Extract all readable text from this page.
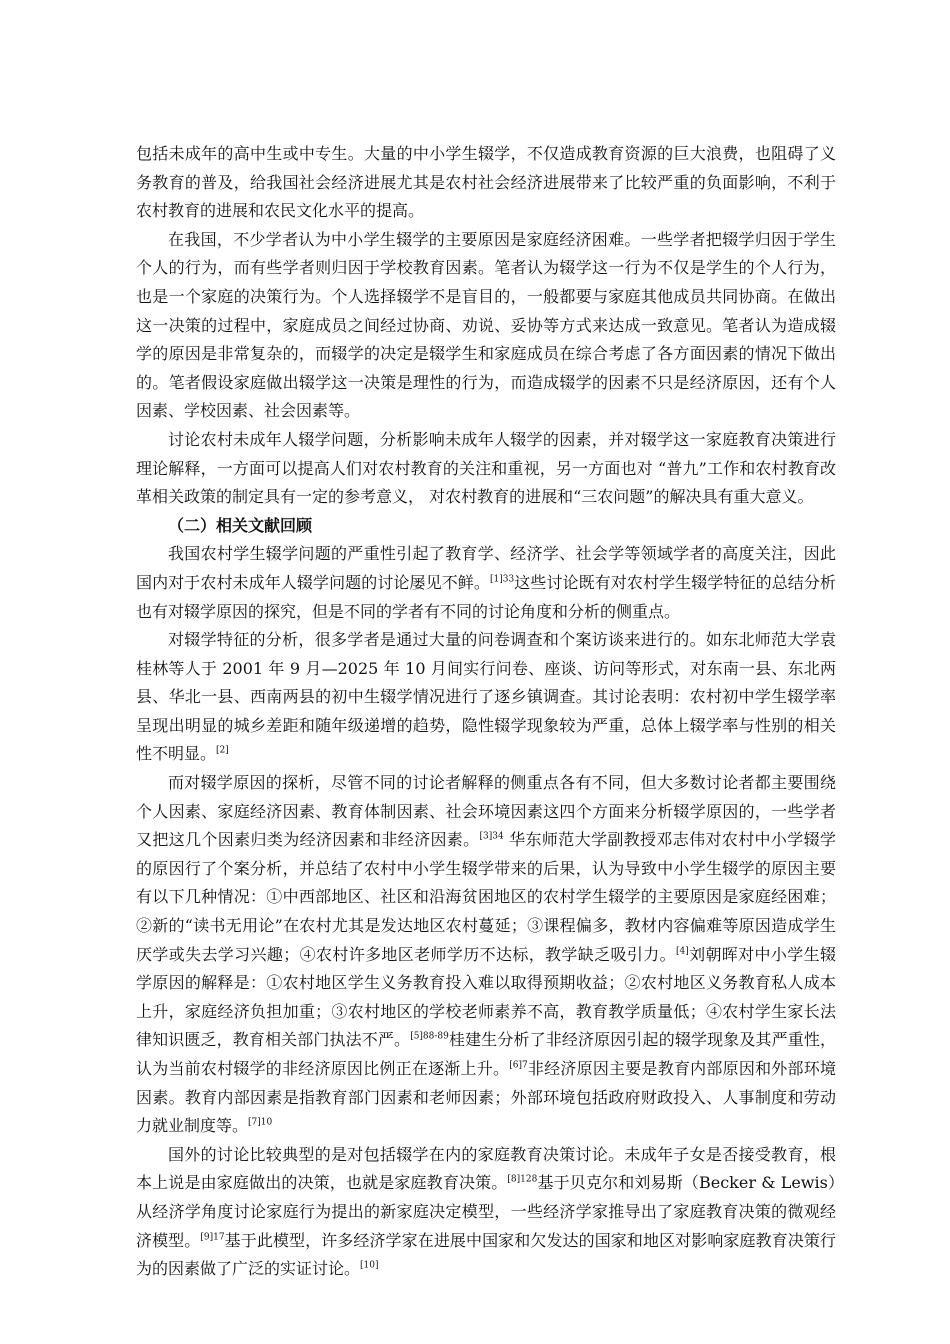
包括未成年的高中生或中专生。大量的中小学生辍学，不仅造成教育资源的巨大浪费，也阻碍了义务教育的普及，给我国社会经济进展尤其是农村社会经济进展带来了比较严重的负面影响，不利于农村教育的进展和农民文化水平的提高。

在我国，不少学者认为中小学生辍学的主要原因是家庭经济困难。一些学者把辍学归因于学生个人的行为，而有些学者则归因于学校教育因素。笔者认为辍学这一行为不仅是学生的个人行为，也是一个家庭的决策行为。个人选择辍学不是盲目的，一般都要与家庭其他成员共同协商。在做出这一决策的过程中，家庭成员之间经过协商、劝说、妥协等方式来达成一致意见。笔者认为造成辍学的原因是非常复杂的，而辍学的决定是辍学生和家庭成员在综合考虑了各方面因素的情况下做出的。笔者假设家庭做出辍学这一决策是理性的行为，而造成辍学的因素不只是经济原因，还有个人因素、学校因素、社会因素等。

讨论农村未成年人辍学问题，分析影响未成年人辍学的因素，并对辍学这一家庭教育决策进行理论解释，一方面可以提高人们对农村教育的关注和重视，另一方面也对 “普九”工作和农村教育改革相关政策的制定具有一定的参考意义， 对农村教育的进展和“三农问题”的解决具有重大意义。

（二）相关文献回顾

我国农村学生辍学问题的严重性引起了教育学、经济学、社会学等领域学者的高度关注，因此国内对于农村未成年人辍学问题的讨论屡见不鲜。$^{[1]33}$这些讨论既有对农村学生辍学特征的总结分析也有对辍学原因的探究，但是不同的学者有不同的讨论角度和分析的侧重点。

对辍学特征的分析，很多学者是通过大量的问卷调查和个案访谈来进行的。如东北师范大学袁桂林等人于 2001 年 9 月—2025 年 10 月间实行问卷、座谈、访问等形式，对东南一县、东北两县、华北一县、西南两县的初中生辍学情况进行了逐乡镇调查。其讨论表明：农村初中学生辍学率呈现出明显的城乡差距和随年级递增的趋势，隐性辍学现象较为严重，总体上辍学率与性别的相关性不明显。[2]

而对辍学原因的探析，尽管不同的讨论者解释的侧重点各有不同，但大多数讨论者都主要围绕个人因素、家庭经济因素、教育体制因素、社会环境因素这四个方面来分析辍学原因的，一些学者又把这几个因素归类为经济因素和非经济因素。$^{[3]34}$ 华东师范大学副教授邓志伟对农村中小学辍学的原因行了个案分析，并总结了农村中小学生辍学带来的后果，认为导致中小学生辍学的原因主要有以下几种情况：①中西部地区、社区和沿海贫困地区的农村学生辍学的主要原因是家庭经困难；②新的“读书无用论”在农村尤其是发达地区农村蔓延；③课程偏多，教材内容偏难等原因造成学生厌学或失去学习兴趣；④农村许多地区老师学历不达标，教学缺乏吸引力。[4]刘朝晖对中小学生辍学原因的解释是：①农村地区学生义务教育投入难以取得预期收益；②农村地区义务教育私人成本上升，家庭经济负担加重；③农村地区的学校老师素养不高，教育教学质量低；④农村学生家长法律知识匮乏，教育相关部门执法不严。$^{[5]88-89}$桂建生分析了非经济原因引起的辍学现象及其严重性，认为当前农村辍学的非经济原因比例正在逐渐上升。$^{[6]7}$非经济原因主要是教育内部原因和外部环境因素。教育内部因素是指教育部门因素和老师因素；外部环境包括政府财政投入、人事制度和劳动力就业制度等。$^{[7]10}$

国外的讨论比较典型的是对包括辍学在内的家庭教育决策讨论。未成年子女是否接受教育，根本上说是由家庭做出的决策，也就是家庭教育决策。$^{[8]128}$基于贝克尔和刘易斯（Becker & Lewis）从经济学角度讨论家庭行为提出的新家庭决定模型，一些经济学家推导出了家庭教育决策的微观经济模型。$^{[9]17}$基于此模型，许多经济学家在进展中国家和欠发达的国家和地区对影响家庭教育决策行为的因素做了广泛的实证讨论。[10]
